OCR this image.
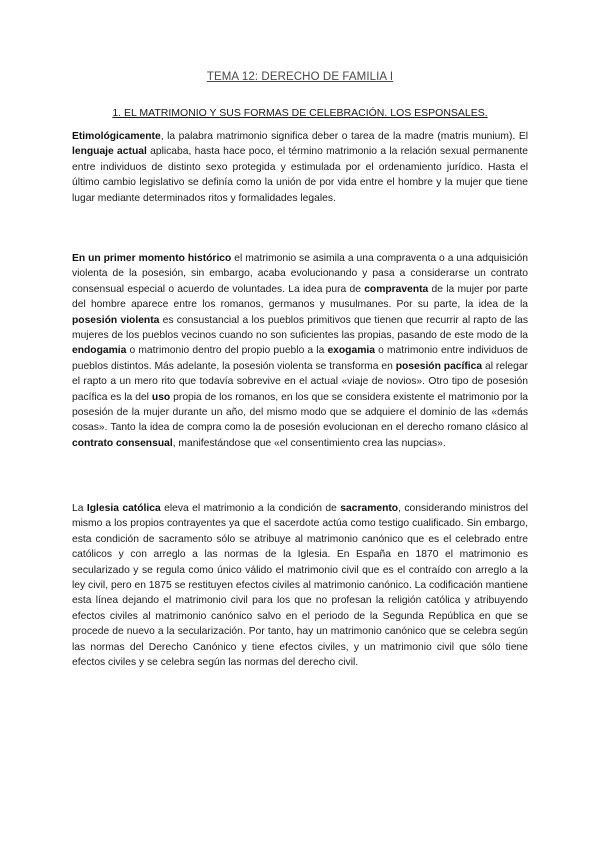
TEMA 12: DERECHO DE FAMILIA I
1. EL MATRIMONIO Y SUS FORMAS DE CELEBRACIÓN. LOS ESPONSALES.

Etimológicamente, la palabra matrimonio significa deber o tarea de la madre (matris munium). El lenguaje actual aplicaba, hasta hace poco, el término matrimonio a la relación sexual permanente entre individuos de distinto sexo protegida y estimulada por el ordenamiento jurídico. Hasta el último cambio legislativo se definía como la unión de por vida entre el hombre y la mujer que tiene lugar mediante determinados ritos y formalidades legales.

En un primer momento histórico el matrimonio se asimila a una compraventa o a una adquisición violenta de la posesión, sin embargo, acaba evolucionando y pasa a considerarse un contrato consensual especial o acuerdo de voluntades. La idea pura de compraventa de la mujer por parte del hombre aparece entre los romanos, germanos y musulmanes. Por su parte, la idea de la posesión violenta es consustancial a los pueblos primitivos que tienen que recurrir al rapto de las mujeres de los pueblos vecinos cuando no son suficientes las propias, pasando de este modo de la endogamia o matrimonio dentro del propio pueblo a la exogamia o matrimonio entre individuos de pueblos distintos. Más adelante, la posesión violenta se transforma en posesión pacífica al relegar el rapto a un mero rito que todavía sobrevive en el actual «viaje de novios». Otro tipo de posesión pacífica es la del uso propia de los romanos, en los que se considera existente el matrimonio por la posesión de la mujer durante un año, del mismo modo que se adquiere el dominio de las «demás cosas». Tanto la idea de compra como la de posesión evolucionan en el derecho romano clásico al contrato consensual, manifestándose que «el consentimiento crea las nupcias».

La Iglesia católica eleva el matrimonio a la condición de sacramento, considerando ministros del mismo a los propios contrayentes ya que el sacerdote actúa como testigo cualificado. Sin embargo, esta condición de sacramento sólo se atribuye al matrimonio canónico que es el celebrado entre católicos y con arreglo a las normas de la Iglesia. En España en 1870 el matrimonio es secularizado y se regula como único válido el matrimonio civil que es el contraído con arreglo a la ley civil, pero en 1875 se restituyen efectos civiles al matrimonio canónico. La codificación mantiene esta línea dejando el matrimonio civil para los que no profesan la religión católica y atribuyendo efectos civiles al matrimonio canónico salvo en el periodo de la Segunda República en que se procede de nuevo a la secularización. Por tanto, hay un matrimonio canónico que se celebra según las normas del Derecho Canónico y tiene efectos civiles, y un matrimonio civil que sólo tiene efectos civiles y se celebra según las normas del derecho civil.
